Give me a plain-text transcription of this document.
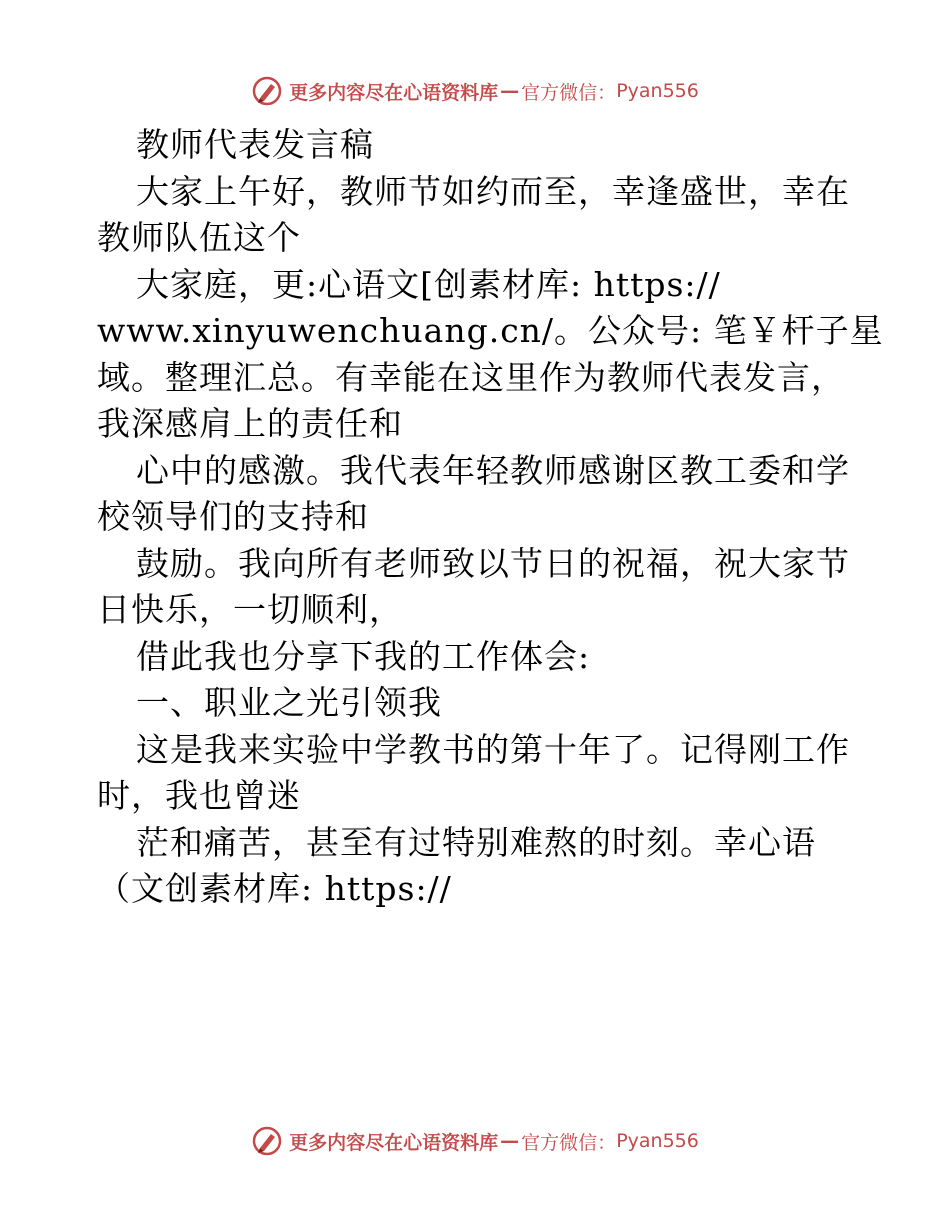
更多内容尽在心语资料库 — 官方微信： Pyan556
教师代表发言稿
大家上午好，教师节如约而至，幸逢盛世，幸在
教师队伍这个
大家庭，更:心语文[创素材库: https://
www.xinyuwenchuang.cn/。公众号: 笔￥杆子星
域。整理汇总。有幸能在这里作为教师代表发言，
我深感肩上的责任和
心中的感激。我代表年轻教师感谢区教工委和学
校领导们的支持和
鼓励。我向所有老师致以节日的祝福，祝大家节
日快乐，一切顺利，
借此我也分享下我的工作体会:
一、职业之光引领我
这是我来实验中学教书的第十年了。记得刚工作
时，我也曾迷
茫和痛苦，甚至有过特别难熬的时刻。幸心语
（文创素材库: https://
更多内容尽在心语资料库 — 官方微信： Pyan556
